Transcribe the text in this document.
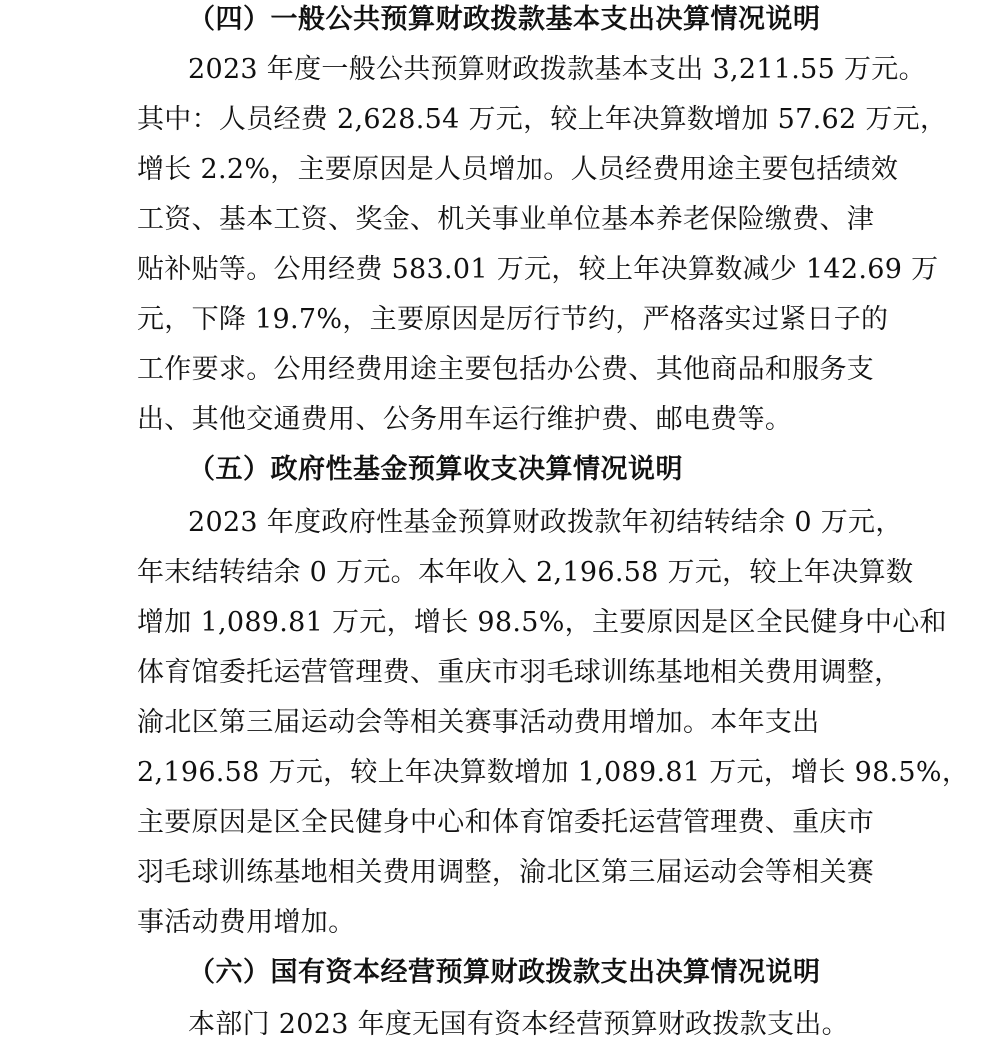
（四）一般公共预算财政拨款基本支出决算情况说明
2023 年度一般公共预算财政拨款基本支出 3,211.55 万元。
其中：人员经费 2,628.54 万元，较上年决算数增加 57.62 万元，
增长 2.2%，主要原因是人员增加。人员经费用途主要包括绩效
工资、基本工资、奖金、机关事业单位基本养老保险缴费、津
贴补贴等。公用经费 583.01 万元，较上年决算数减少 142.69 万
元，下降 19.7%，主要原因是厉行节约，严格落实过紧日子的
工作要求。公用经费用途主要包括办公费、其他商品和服务支
出、其他交通费用、公务用车运行维护费、邮电费等。
（五）政府性基金预算收支决算情况说明
2023 年度政府性基金预算财政拨款年初结转结余 0 万元，
年末结转结余 0 万元。本年收入 2,196.58 万元，较上年决算数
增加 1,089.81 万元，增长 98.5%，主要原因是区全民健身中心和
体育馆委托运营管理费、重庆市羽毛球训练基地相关费用调整，
渝北区第三届运动会等相关赛事活动费用增加。本年支出
2,196.58 万元，较上年决算数增加 1,089.81 万元，增长 98.5%，
主要原因是区全民健身中心和体育馆委托运营管理费、重庆市
羽毛球训练基地相关费用调整，渝北区第三届运动会等相关赛
事活动费用增加。
（六）国有资本经营预算财政拨款支出决算情况说明
本部门 2023 年度无国有资本经营预算财政拨款支出。
